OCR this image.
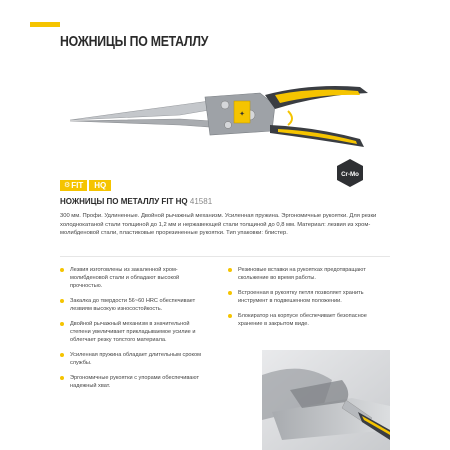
НОЖНИЦЫ ПО МЕТАЛЛУ
✦
Cr-Mo
⚙ FIT	HQ
НОЖНИЦЫ ПО МЕТАЛЛУ FIT HQ 41581
300 мм. Профи. Удлиненные. Двойной рычажный механизм. Усиленная пружина. Эргономичные рукоятки. Для резки холоднокатаной стали толщиной до 1,2 мм и нержавеющей стали толщиной до 0,8 мм. Материал: лезвия из хром-молибденовой стали, пластиковые прорезиненные рукоятки. Тип упаковки: блистер.
Лезвия изготовлены из закаленной хром-молибденовой стали и обладают высокой прочностью.
Закалка до твердости 56~60 HRC обеспечивает лезвиям высокую износостойкость.
Двойной рычажный механизм в значительной степени увеличивает прикладываемое усилие и облегчает резку толстого материала.
Усиленная пружина обладает длительным сроком службы.
Эргономичные рукоятки с упорами обеспечивают надежный хват.
Резиновые вставки на рукоятках предотвращают скольжение во время работы.
Встроенная в рукоятку петля позволяет хранить инструмент в подвешенном положении.
Блокиратор на корпусе обеспечивает безопасное хранение в закрытом виде.
